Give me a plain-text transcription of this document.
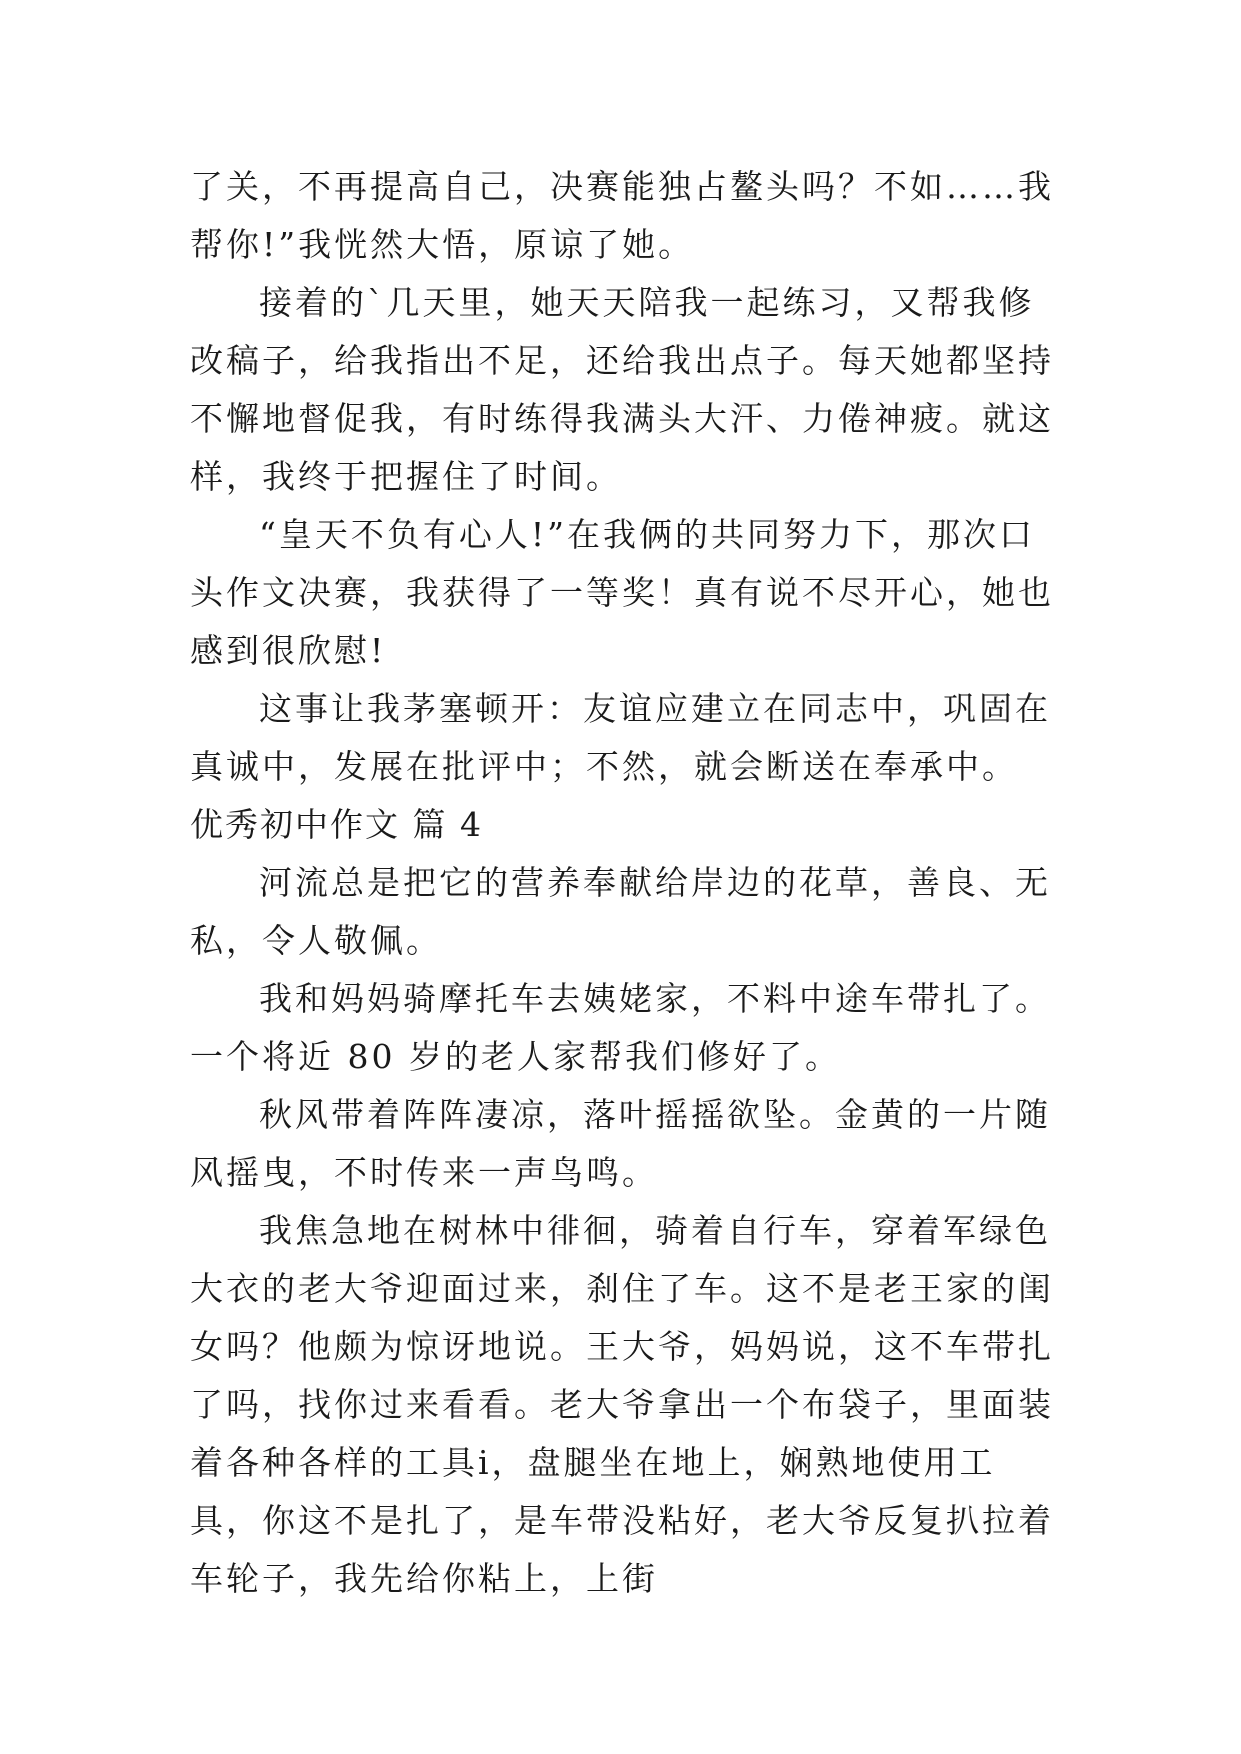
了关，不再提高自己，决赛能独占鳌头吗？不如……我帮你!”我恍然大悟，原谅了她。

接着的`几天里，她天天陪我一起练习，又帮我修改稿子，给我指出不足，还给我出点子。每天她都坚持不懈地督促我，有时练得我满头大汗、力倦神疲。就这样，我终于把握住了时间。

“皇天不负有心人!”在我俩的共同努力下，那次口头作文决赛，我获得了一等奖！真有说不尽开心，她也感到很欣慰!

这事让我茅塞顿开：友谊应建立在同志中，巩固在真诚中，发展在批评中；不然，就会断送在奉承中。

优秀初中作文 篇 4

河流总是把它的营养奉献给岸边的花草，善良、无私，令人敬佩。

我和妈妈骑摩托车去姨姥家，不料中途车带扎了。一个将近 80 岁的老人家帮我们修好了。

秋风带着阵阵凄凉，落叶摇摇欲坠。金黄的一片随风摇曳，不时传来一声鸟鸣。

我焦急地在树林中徘徊，骑着自行车，穿着军绿色大衣的老大爷迎面过来，刹住了车。这不是老王家的闺女吗？他颇为惊讶地说。王大爷，妈妈说，这不车带扎了吗，找你过来看看。老大爷拿出一个布袋子，里面装着各种各样的工具i，盘腿坐在地上，娴熟地使用工具，你这不是扎了，是车带没粘好，老大爷反复扒拉着车轮子，我先给你粘上，上街
